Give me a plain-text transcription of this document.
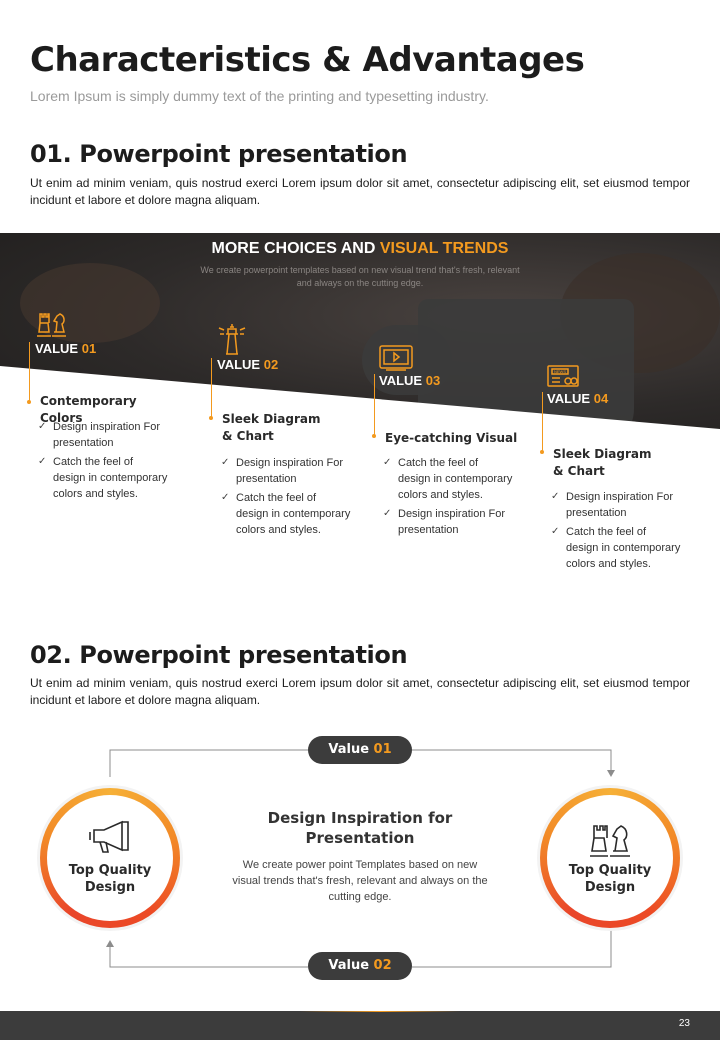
Characteristics & Advantages
Lorem Ipsum is simply dummy text of the printing and typesetting industry.
01. Powerpoint presentation
Ut enim ad minim veniam, quis nostrud exerci Lorem ipsum dolor sit amet, consectetur adipiscing elit, set eiusmod tempor incidunt et labore et dolore magna aliquam.
MORE CHOICES AND VISUAL TRENDS
We create powerpoint templates based on new visual trend that's fresh, relevant and always on the cutting edge.
VALUE 01
Contemporary Colors
✓ Design inspiration For presentation
✓ Catch the feel of design in contemporary colors and styles.
VALUE 02
Sleek Diagram & Chart
✓ Design inspiration For presentation
✓ Catch the feel of design in contemporary colors and styles.
VALUE 03
Eye-catching Visual
✓ Catch the feel of design in contemporary colors and styles.
✓ Design inspiration For presentation
NEWS
VALUE 04
Sleek Diagram & Chart
✓ Design inspiration For presentation
✓ Catch the feel of design in contemporary colors and styles.
02. Powerpoint presentation
Ut enim ad minim veniam, quis nostrud exerci Lorem ipsum dolor sit amet, consectetur adipiscing elit, set eiusmod tempor incidunt et labore et dolore magna aliquam.
Top Quality Design
Top Quality Design
Value 01
Value 02
Design Inspiration for Presentation
We create power point Templates based on new visual trends that's fresh, relevant and always on the cutting edge.
23
